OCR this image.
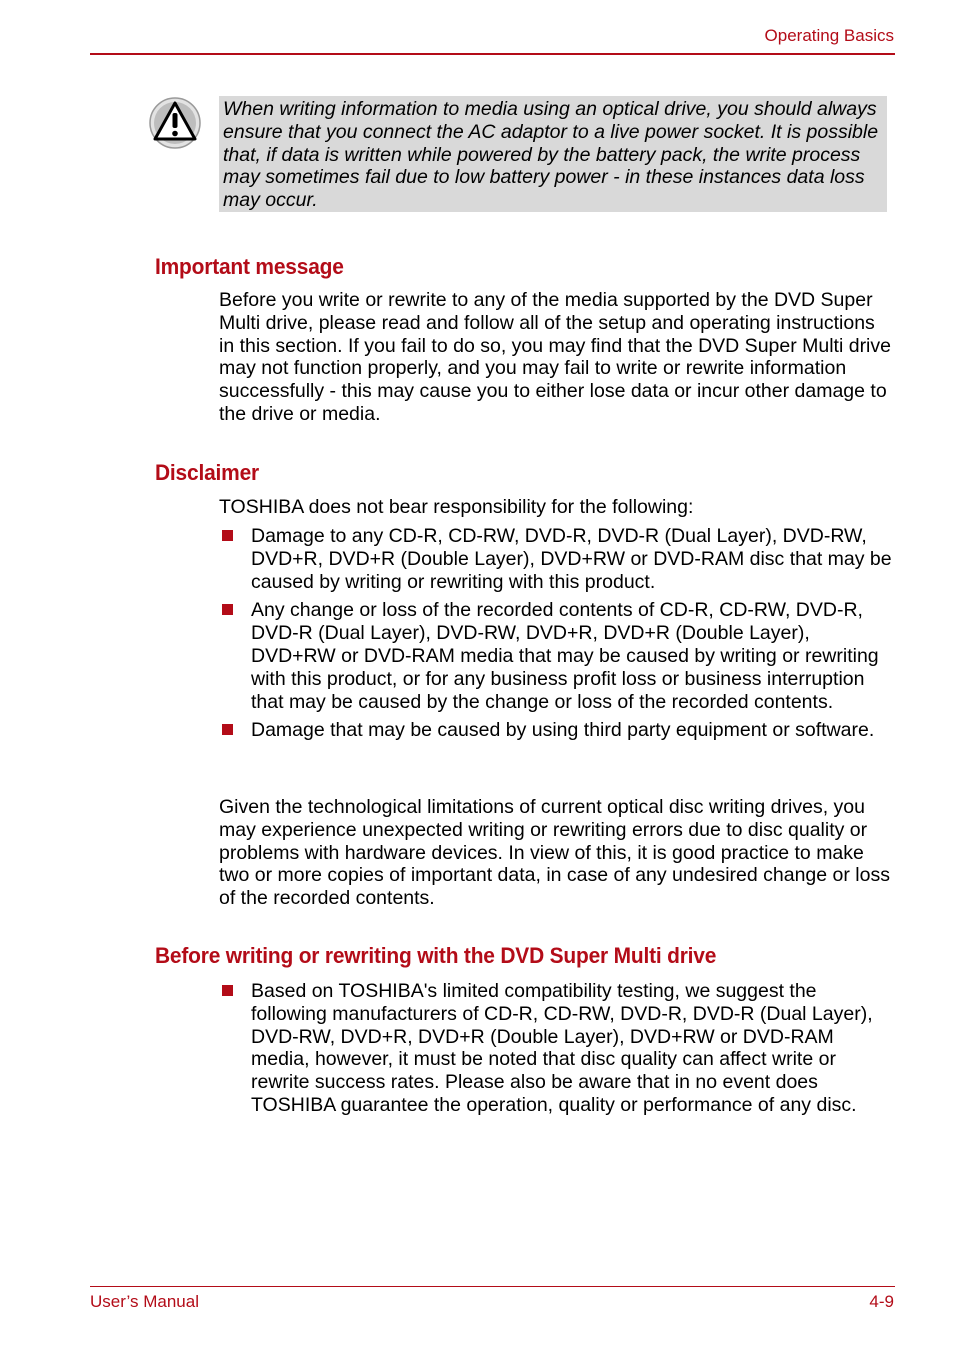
Operating Basics
When writing information to media using an optical drive, you should always ensure that you connect the AC adaptor to a live power socket. It is possible that, if data is written while powered by the battery pack, the write process may sometimes fail due to low battery power - in these instances data loss may occur.
Important message

Before you write or rewrite to any of the media supported by the DVD Super Multi drive, please read and follow all of the setup and operating instructions in this section. If you fail to do so, you may find that the DVD Super Multi drive may not function properly, and you may fail to write or rewrite information successfully - this may cause you to either lose data or incur other damage to the drive or media.

Disclaimer

TOSHIBA does not bear responsibility for the following:

Damage to any CD-R, CD-RW, DVD-R, DVD-R (Dual Layer), DVD-RW, DVD+R, DVD+R (Double Layer), DVD+RW or DVD-RAM disc that may be caused by writing or rewriting with this product.
Any change or loss of the recorded contents of CD-R, CD-RW, DVD-R, DVD-R (Dual Layer), DVD-RW, DVD+R, DVD+R (Double Layer), DVD+RW or DVD-RAM media that may be caused by writing or rewriting with this product, or for any business profit loss or business interruption that may be caused by the change or loss of the recorded contents.
Damage that may be caused by using third party equipment or software.

Given the technological limitations of current optical disc writing drives, you may experience unexpected writing or rewriting errors due to disc quality or problems with hardware devices. In view of this, it is good practice to make two or more copies of important data, in case of any undesired change or loss of the recorded contents.

Before writing or rewriting with the DVD Super Multi drive
Based on TOSHIBA's limited compatibility testing, we suggest the following manufacturers of CD-R, CD-RW, DVD-R, DVD-R (Dual Layer), DVD-RW, DVD+R, DVD+R (Double Layer), DVD+RW or DVD-RAM media, however, it must be noted that disc quality can affect write or rewrite success rates. Please also be aware that in no event does TOSHIBA guarantee the operation, quality or performance of any disc.
User’s Manual	4-9
